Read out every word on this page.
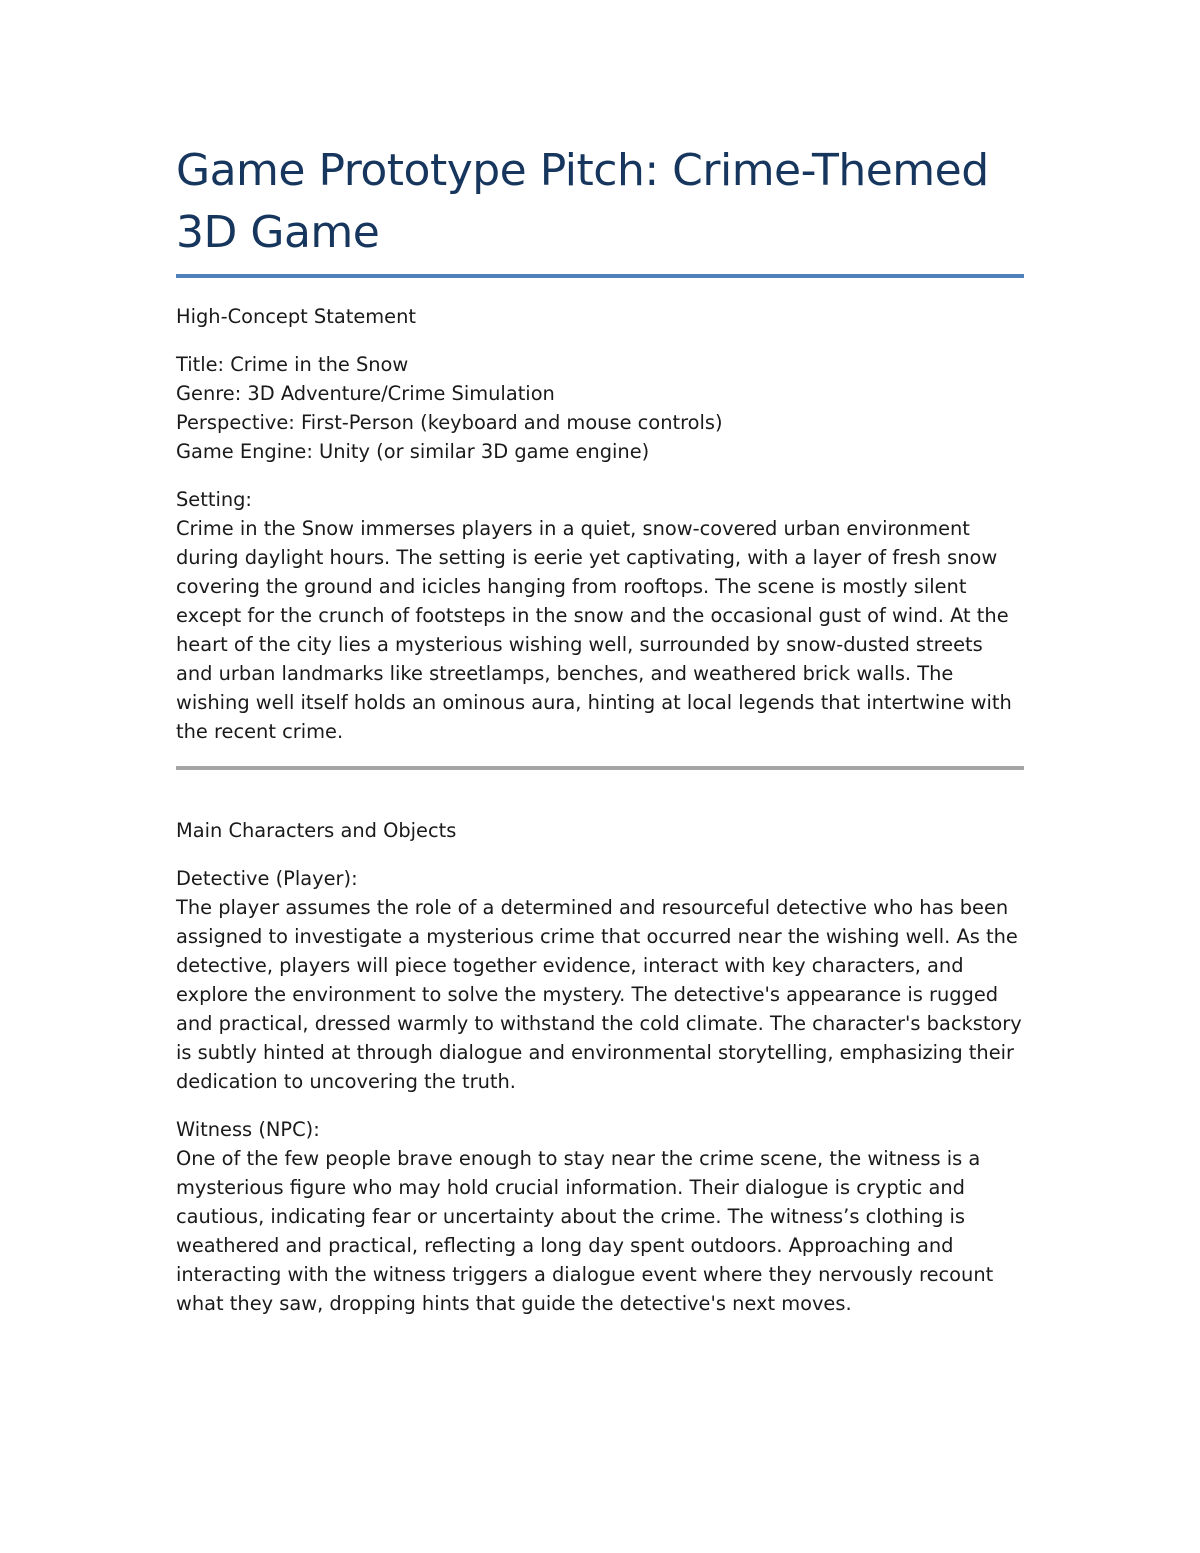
Game Prototype Pitch: Crime-Themed 3D Game

High-Concept Statement

Title: Crime in the Snow
Genre: 3D Adventure/Crime Simulation
Perspective: First-Person (keyboard and mouse controls)
Game Engine: Unity (or similar 3D game engine)

Setting:
Crime in the Snow immerses players in a quiet, snow-covered urban environment during daylight hours. The setting is eerie yet captivating, with a layer of fresh snow covering the ground and icicles hanging from rooftops. The scene is mostly silent except for the crunch of footsteps in the snow and the occasional gust of wind. At the heart of the city lies a mysterious wishing well, surrounded by snow-dusted streets and urban landmarks like streetlamps, benches, and weathered brick walls. The wishing well itself holds an ominous aura, hinting at local legends that intertwine with the recent crime.

Main Characters and Objects

Detective (Player):
The player assumes the role of a determined and resourceful detective who has been assigned to investigate a mysterious crime that occurred near the wishing well. As the detective, players will piece together evidence, interact with key characters, and explore the environment to solve the mystery. The detective's appearance is rugged and practical, dressed warmly to withstand the cold climate. The character's backstory is subtly hinted at through dialogue and environmental storytelling, emphasizing their dedication to uncovering the truth.

Witness (NPC):
One of the few people brave enough to stay near the crime scene, the witness is a mysterious figure who may hold crucial information. Their dialogue is cryptic and cautious, indicating fear or uncertainty about the crime. The witness’s clothing is weathered and practical, reflecting a long day spent outdoors. Approaching and interacting with the witness triggers a dialogue event where they nervously recount what they saw, dropping hints that guide the detective's next moves.
